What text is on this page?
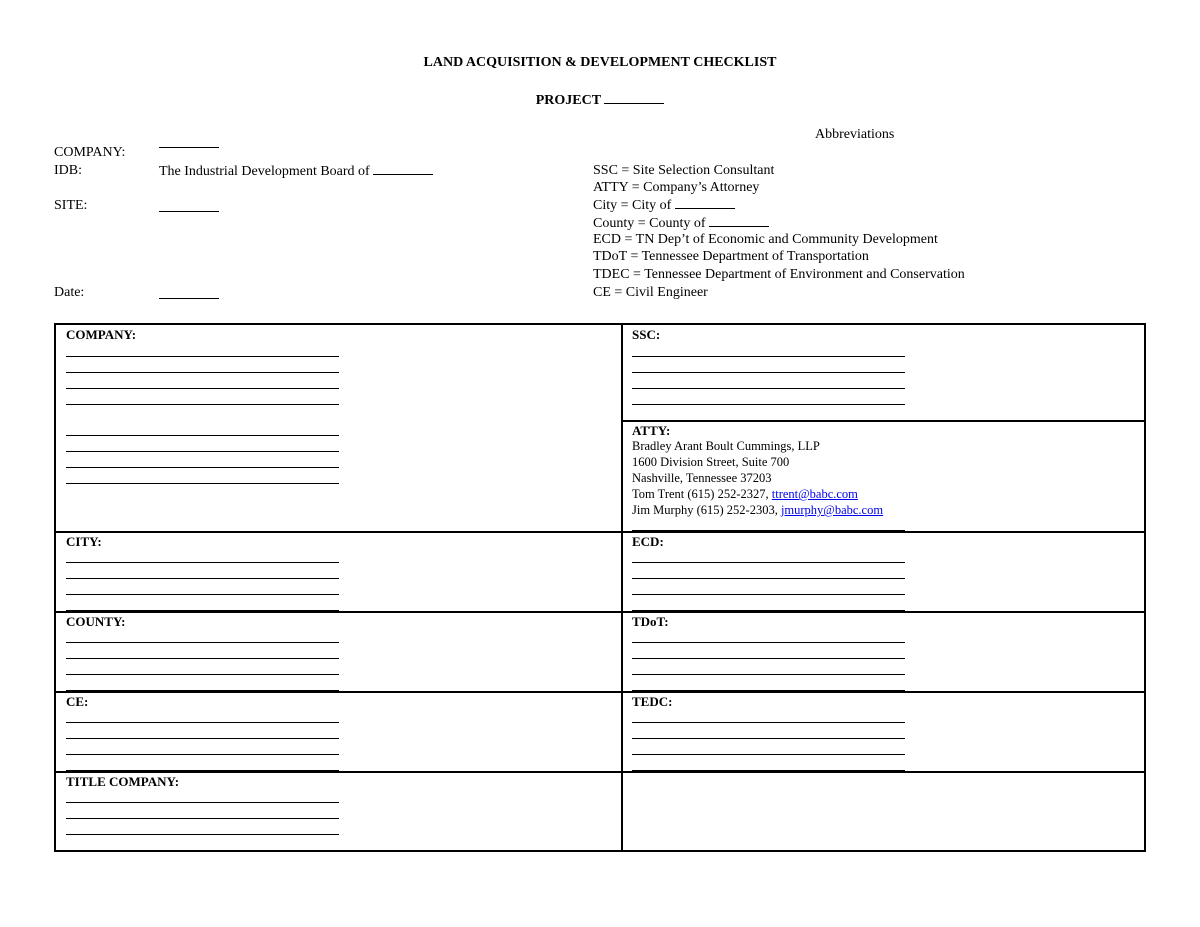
LAND ACQUISITION & DEVELOPMENT CHECKLIST
PROJECT
COMPANY:
IDB:	The Industrial Development Board of
SITE:
Date:
Abbreviations
SSC = Site Selection Consultant
ATTY = Company’s Attorney
City = City of
County = County of
ECD = TN Dep’t of Economic and Community Development
TDoT = Tennessee Department of Transportation
TDEC = Tennessee Department of Environment and Conservation
CE = Civil Engineer
COMPANY:	SSC:
ATTY:
Bradley Arant Boult Cummings, LLP
1600 Division Street, Suite 700
Nashville, Tennessee 37203
Tom Trent (615) 252-2327, ttrent@babc.com
Jim Murphy (615) 252-2303, jmurphy@babc.com
CITY:	ECD:
COUNTY:	TDoT:
CE:	TEDC:
TITLE COMPANY:
